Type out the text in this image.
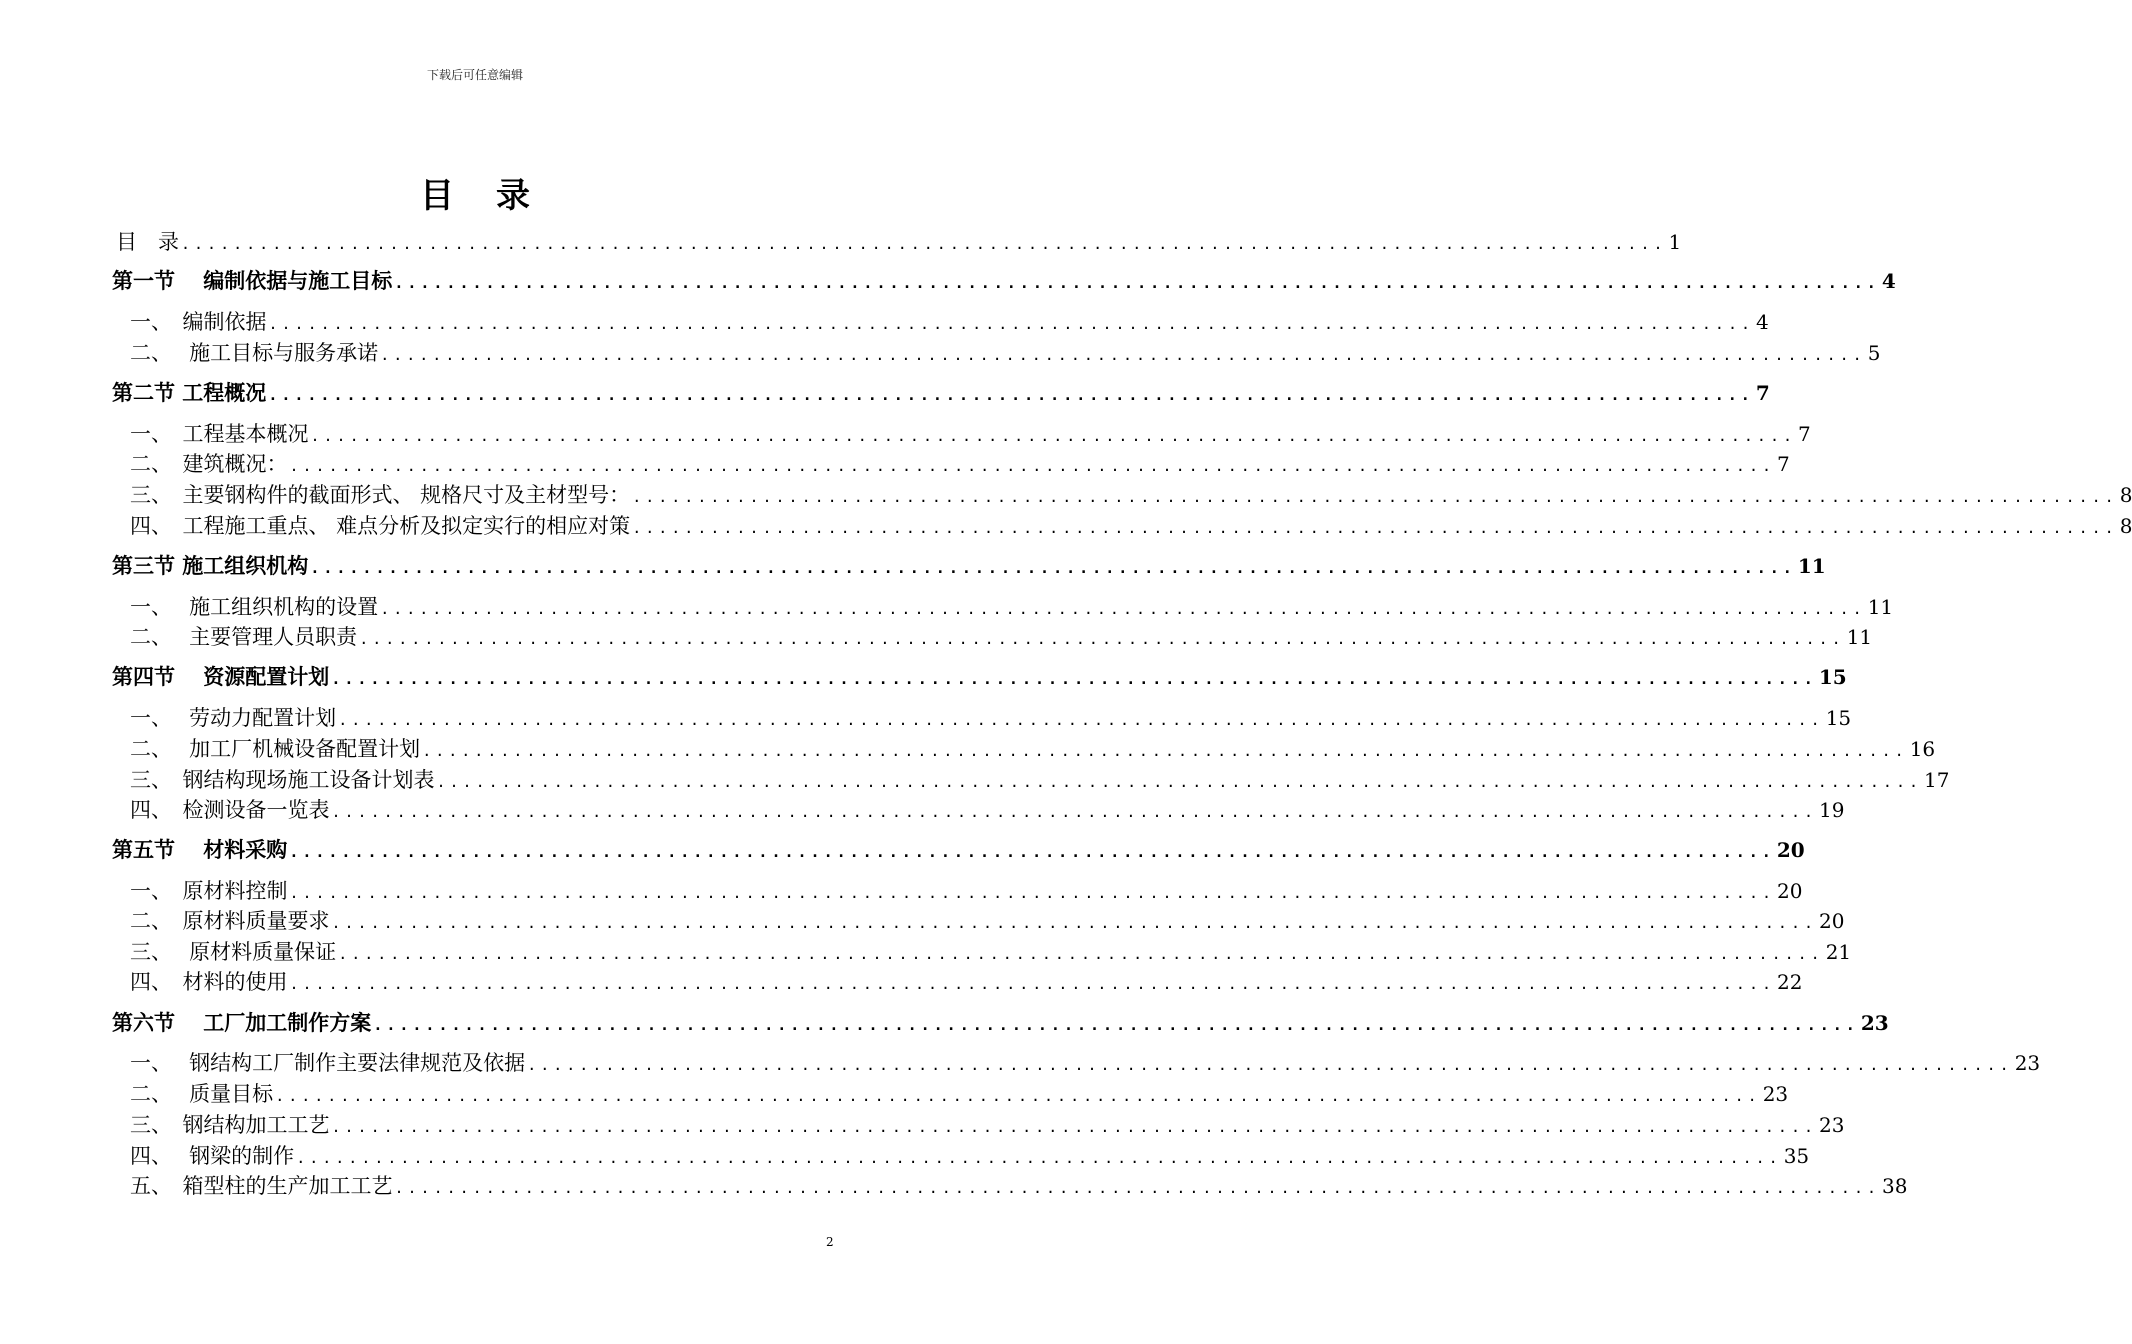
下载后可任意编辑
目录
目　录 .................................................................................................................. 1
第一节　 编制依据与施工目标 .................................................................................................................. 4
一、　编制依据 .................................................................................................................. 4
二、　 施工目标与服务承诺 .................................................................................................................. 5
第二节 工程概况 .................................................................................................................. 7
一、　工程基本概况 .................................................................................................................. 7
二、　建筑概况： .................................................................................................................. 7
三、　主要钢构件的截面形式、 规格尺寸及主材型号： .................................................................................................................. 8
四、　工程施工重点、 难点分析及拟定实行的相应对策 .................................................................................................................. 8
第三节 施工组织机构 .................................................................................................................. 11
一、　 施工组织机构的设置 .................................................................................................................. 11
二、　 主要管理人员职责 .................................................................................................................. 11
第四节　 资源配置计划 .................................................................................................................. 15
一、　 劳动力配置计划 .................................................................................................................. 15
二、　 加工厂机械设备配置计划 .................................................................................................................. 16
三、　钢结构现场施工设备计划表 .................................................................................................................. 17
四、　检测设备一览表 .................................................................................................................. 19
第五节　 材料采购 .................................................................................................................. 20
一、　原材料控制 .................................................................................................................. 20
二、　原材料质量要求 .................................................................................................................. 20
三、　 原材料质量保证 .................................................................................................................. 21
四、　材料的使用 .................................................................................................................. 22
第六节　 工厂加工制作方案 .................................................................................................................. 23
一、　 钢结构工厂制作主要法律规范及依据 .................................................................................................................. 23
二、　 质量目标 .................................................................................................................. 23
三、　钢结构加工工艺 .................................................................................................................. 23
四、　 钢梁的制作 .................................................................................................................. 35
五、　箱型柱的生产加工工艺 .................................................................................................................. 38
2
